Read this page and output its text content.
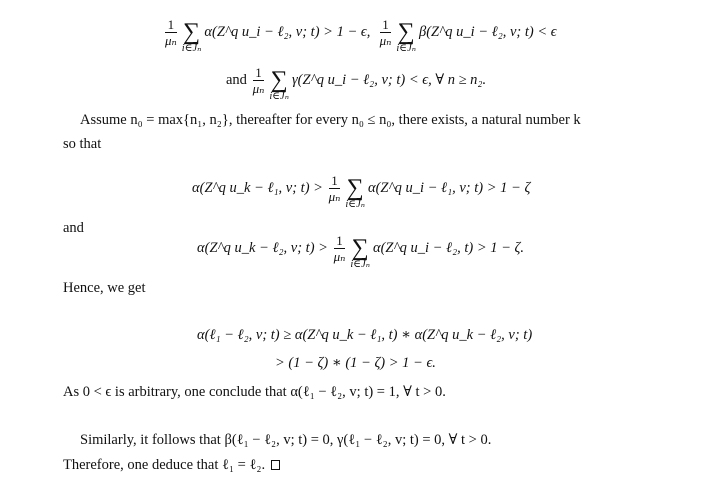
$\frac{1}{\text{μₙ}}$ ∑
i∈Jₙ
α(Z^q u_i − ℓ₂, v; t) > 1 − ϵ, $\frac{1}{\text{μₙ}}$ ∑
i∈Jₙ
β(Z^q u_i − ℓ₂, v; t) < ϵ
and $\frac{1}{\text{μₙ}}$ ∑
i∈Jₙ
γ(Z^q u_i − ℓ₂, v; t) < ϵ, ∀ n ≥ n₂.
Assume n₀ = max{n₁, n₂}, thereafter for every n₀ ≤ n₀, there exists, a natural number k
so that
α(Z^q u_k − ℓ₁, v; $t) > \frac{1}{\text{μₙ}}$ ∑
i∈Jₙ
α(Z^q u_i − ℓ₁, v; t) > 1 − ζ
and
α(Z^q u_k − ℓ₂, v; $t) > \frac{1}{\text{μₙ}}$ ∑
i∈Jₙ
α(Z^q u_i − ℓ₂, t) > 1 − ζ.
Hence, we get
α(ℓ₁ − ℓ₂, v; t) ≥ α(Z^q u_k − ℓ₁, t) ∗ α(Z^q u_k − ℓ₂, v; t)
> (1 − ζ) ∗ (1 − ζ) > 1 − ϵ.
As 0 < ϵ is arbitrary, one conclude that α(ℓ₁ − ℓ₂, v; t) = 1, ∀ t > 0.
Similarly, it follows that β(ℓ₁ − ℓ₂, v; t) = 0, γ(ℓ₁ − ℓ₂, v; t) = 0, ∀ t > 0.
Therefore, one deduce that ℓ₁ = ℓ₂.
